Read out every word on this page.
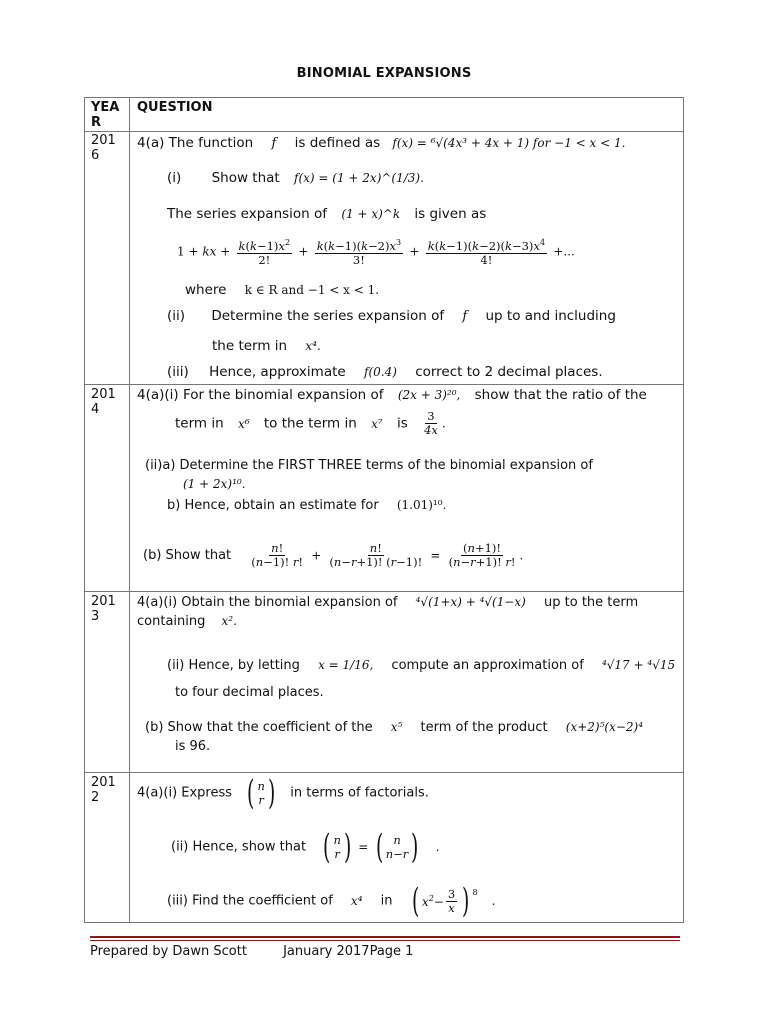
BINOMIAL EXPANSIONS
YEA R
QUESTION
201 6
4(a) The function f is defined as f(x) = ⁶√(4x³ + 4x + 1) for −1 < x < 1.
(i) Show that f(x) = (1 + 2x)^(1/3).
The series expansion of (1 + x)^k is given as
1 + kx + $\frac{k(k-1)x^2}{2!} + \frac{k(k-1)(k-2)x^3}{3!} + \frac{k(k-1)(k-2)(k-3)x^4}{4!}$ +...
where k ∈ R and −1 < x < 1.
(ii) Determine the series expansion of f up to and including
the term in x⁴.
(iii) Hence, approximate f(0.4) correct to 2 decimal places.
201 4
4(a)(i) For the binomial expansion of (2x + 3)²⁰, show that the ratio of the
term in x⁶ to the term in x⁷ is $\frac{3}{4x}$ .
(ii)a) Determine the FIRST THREE terms of the binomial expansion of
(1 + 2x)¹⁰.
b) Hence, obtain an estimate for (1.01)¹⁰.
(b) Show that $\frac{n!}{(n-1)! r!} + \frac{n!}{(n-r+1)! (r-1)!} = \frac{(n+1)!}{(n-r+1)! r!}$ .
201 3
4(a)(i) Obtain the binomial expansion of ⁴√(1+x) + ⁴√(1−x) up to the term
containing x².
(ii) Hence, by letting x = 1/16, compute an approximation of ⁴√17 + ⁴√15
to four decimal places.
(b) Show that the coefficient of the x⁵ term of the product (x+2)⁵(x−2)⁴
is 96.
201 2	4(a)(i) Express ( n
r ) in terms of factorials.
(ii) Hence, show that ( n
r ) = ( n
n−r ) .
(iii) Find the coefficient of x⁴ in ( $x^2- \frac{3}{x}$ ) $^8$
.
Prepared by Dawn Scott	January 2017Page 1
